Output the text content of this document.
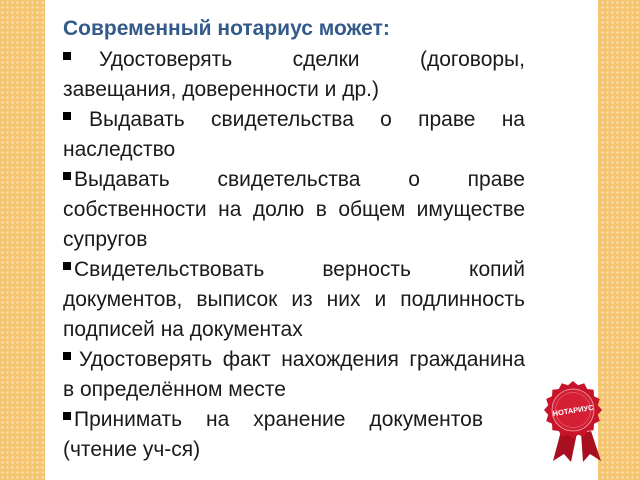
Современный нотариус может:
Удостоверять сделки (договоры, завещания, доверенности и др.)
Выдавать свидетельства о праве на наследство
Выдавать свидетельства о праве собственности на долю в общем имуществе супругов
Свидетельствовать верность копий документов, выписок из них и подлинность подписей на документах
Удостоверять факт нахождения гражданина в определённом месте
Принимать на хранение документов (чтение уч-ся)
НОТАРИУС
